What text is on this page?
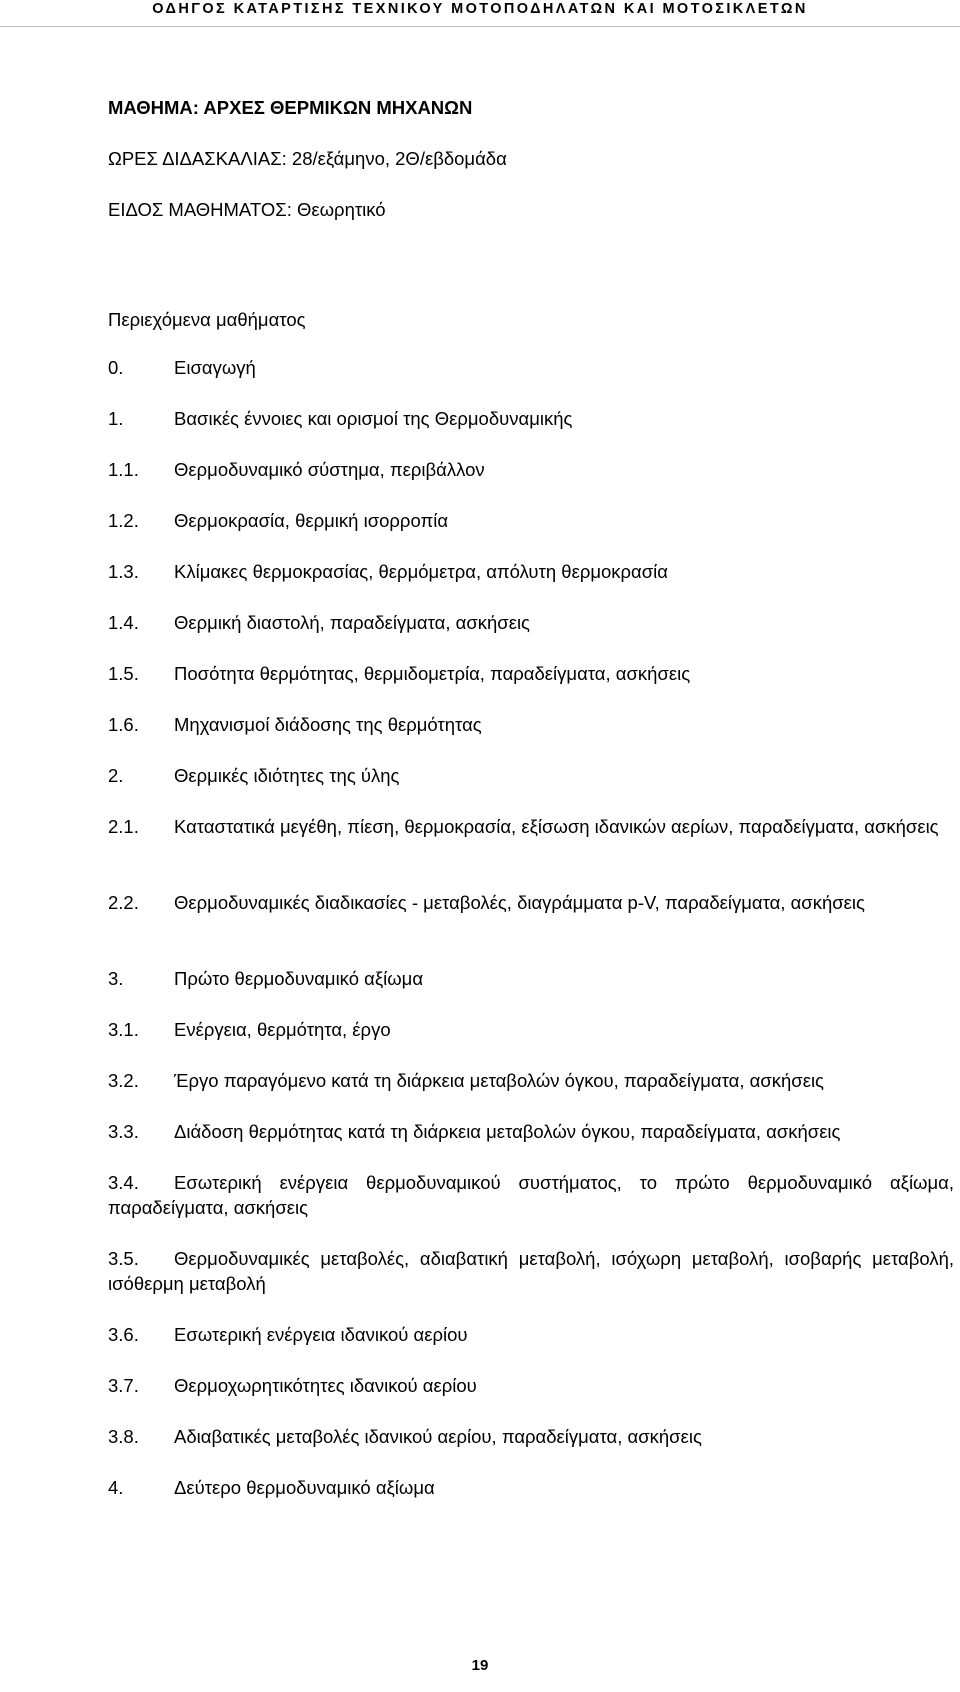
ΟΔΗΓΟΣ ΚΑΤΑΡΤΙΣΗΣ ΤΕΧΝΙΚΟΥ ΜΟΤΟΠΟΔΗΛΑΤΩΝ ΚΑΙ ΜΟΤΟΣΙΚΛΕΤΩΝ
ΜΑΘΗΜΑ: ΑΡΧΕΣ ΘΕΡΜΙΚΩΝ ΜΗΧΑΝΩΝ
ΩΡΕΣ ΔΙΔΑΣΚΑΛΙΑΣ: 28/εξάμηνο, 2Θ/εβδομάδα
ΕΙΔΟΣ ΜΑΘΗΜΑΤΟΣ: Θεωρητικό
Περιεχόμενα μαθήματος
0.	Εισαγωγή
1.	Βασικές έννοιες και ορισμοί της Θερμοδυναμικής
1.1.	Θερμοδυναμικό σύστημα, περιβάλλον
1.2.	Θερμοκρασία, θερμική ισορροπία
1.3.	Κλίμακες θερμοκρασίας, θερμόμετρα, απόλυτη θερμοκρασία
1.4.	Θερμική διαστολή, παραδείγματα, ασκήσεις
1.5.	Ποσότητα θερμότητας, θερμιδομετρία, παραδείγματα, ασκήσεις
1.6.	Μηχανισμοί διάδοσης της θερμότητας
2.	Θερμικές ιδιότητες της ύλης
2.1. Καταστατικά μεγέθη, πίεση, θερμοκρασία, εξίσωση ιδανικών αερίων, παραδείγματα, ασκήσεις
2.2. Θερμοδυναμικές διαδικασίες - μεταβολές, διαγράμματα p-V, παραδείγματα, ασκήσεις
3.	Πρώτο θερμοδυναμικό αξίωμα
3.1.	Ενέργεια, θερμότητα, έργο
3.2.	Έργο παραγόμενο κατά τη διάρκεια μεταβολών όγκου, παραδείγματα, ασκήσεις
3.3.	Διάδοση θερμότητας κατά τη διάρκεια μεταβολών όγκου, παραδείγματα, ασκήσεις
3.4. Εσωτερική ενέργεια θερμοδυναμικού συστήματος, το πρώτο θερμοδυναμικό αξίωμα, παραδείγματα, ασκήσεις
3.5. Θερμοδυναμικές μεταβολές, αδιαβατική μεταβολή, ισόχωρη μεταβολή, ισοβαρής μεταβολή, ισόθερμη μεταβολή
3.6.	Εσωτερική ενέργεια ιδανικού αερίου
3.7.	Θερμοχωρητικότητες ιδανικού αερίου
3.8.	Αδιαβατικές μεταβολές ιδανικού αερίου, παραδείγματα, ασκήσεις
4.	Δεύτερο θερμοδυναμικό αξίωμα
19
